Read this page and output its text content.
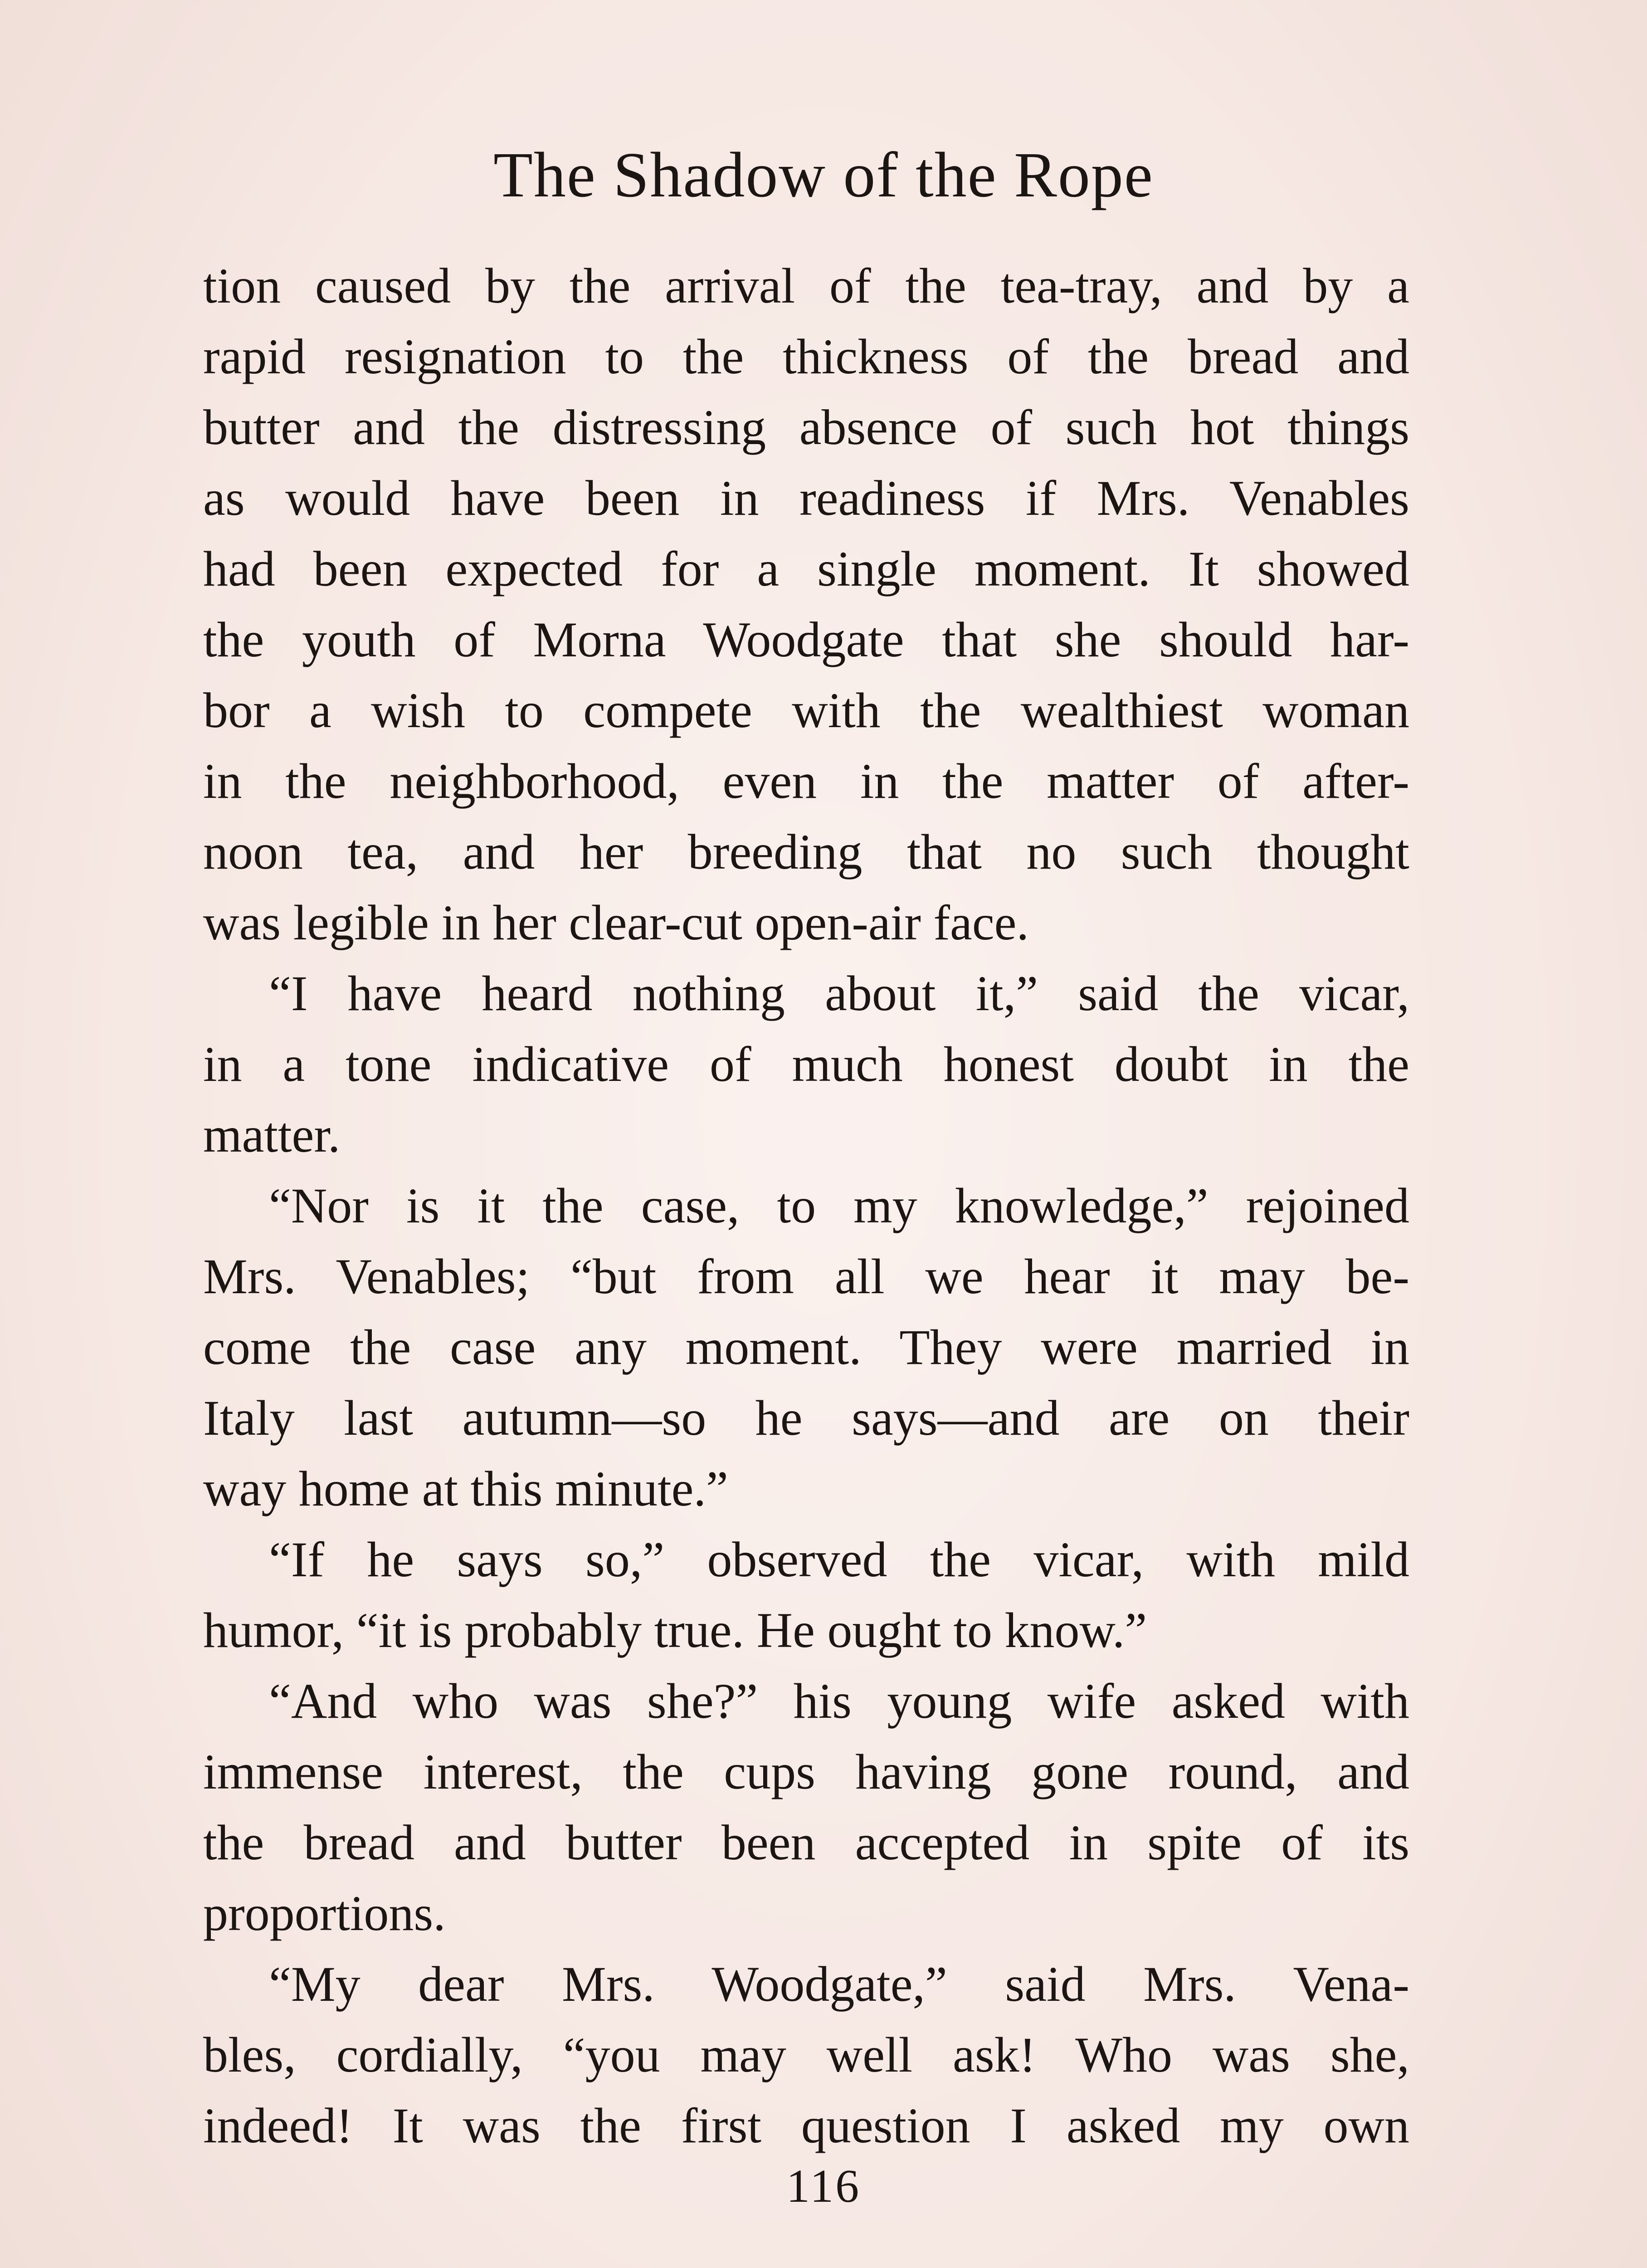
The Shadow of the Rope
tion caused by the arrival of the tea-tray, and by a
rapid resignation to the thickness of the bread and
butter and the distressing absence of such hot things
as would have been in readiness if Mrs. Venables
had been expected for a single moment. It showed
the youth of Morna Woodgate that she should har-
bor a wish to compete with the wealthiest woman
in the neighborhood, even in the matter of after-
noon tea, and her breeding that no such thought
was legible in her clear-cut open-air face.
“I have heard nothing about it,” said the vicar,
in a tone indicative of much honest doubt in the
matter.
“Nor is it the case, to my knowledge,” rejoined
Mrs. Venables; “but from all we hear it may be-
come the case any moment. They were married in
Italy last autumn—so he says—and are on their
way home at this minute.”
“If he says so,” observed the vicar, with mild
humor, “it is probably true. He ought to know.”
“And who was she?” his young wife asked with
immense interest, the cups having gone round, and
the bread and butter been accepted in spite of its
proportions.
“My dear Mrs. Woodgate,” said Mrs. Vena-
bles, cordially, “you may well ask! Who was she,
indeed! It was the first question I asked my own
116
